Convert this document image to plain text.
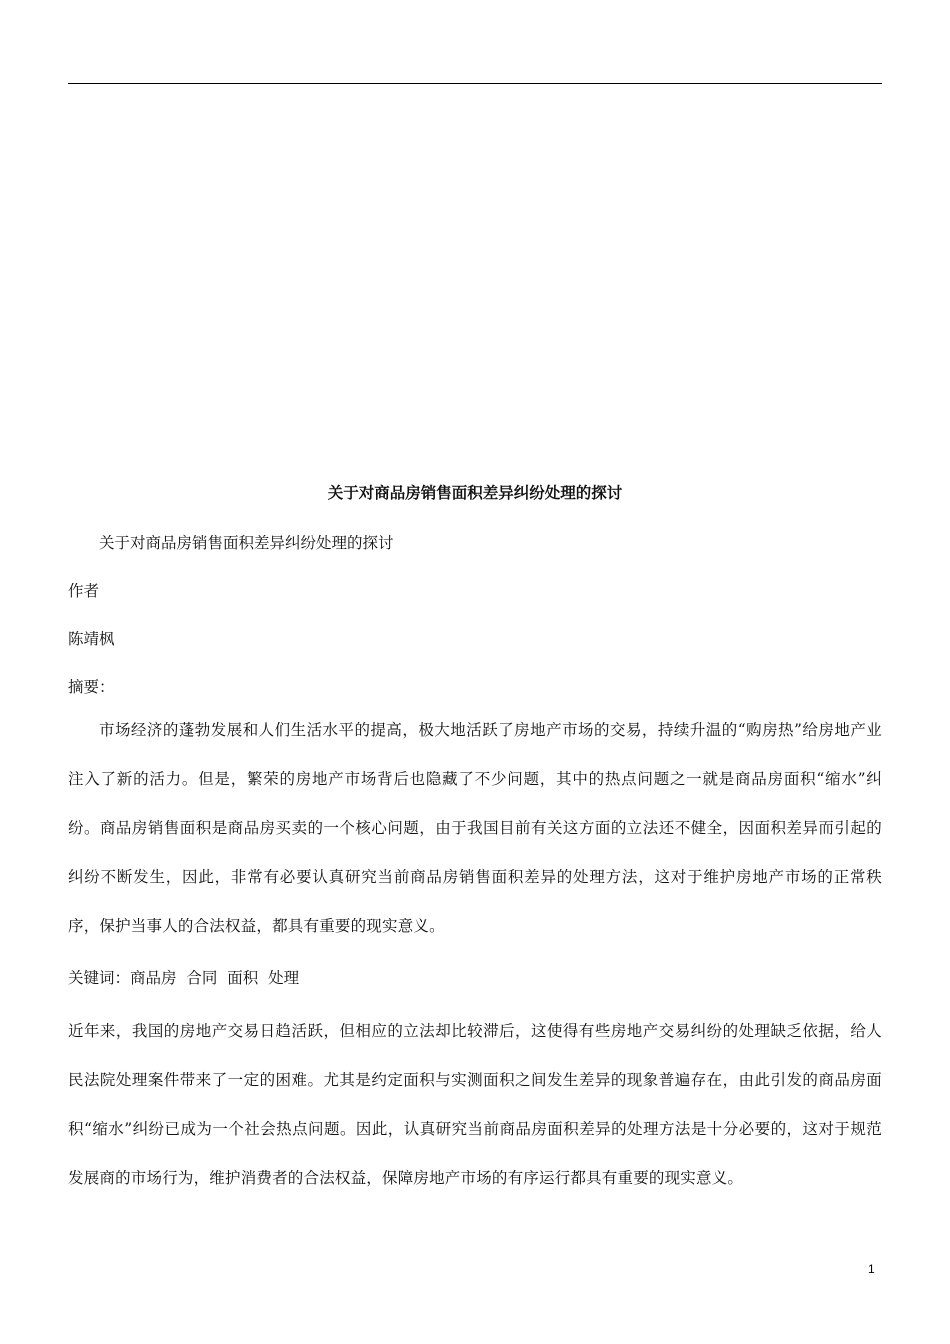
关于对商品房销售面积差异纠纷处理的探讨
关于对商品房销售面积差异纠纷处理的探讨
作者
陈靖枫
摘要：

市场经济的蓬勃发展和人们生活水平的提高，极大地活跃了房地产市场的交易，持续升温的“购房热”给房地产业注入了新的活力。但是，繁荣的房地产市场背后也隐藏了不少问题，其中的热点问题之一就是商品房面积“缩水”纠纷。商品房销售面积是商品房买卖的一个核心问题，由于我国目前有关这方面的立法还不健全，因面积差异而引起的纠纷不断发生，因此，非常有必要认真研究当前商品房销售面积差异的处理方法，这对于维护房地产市场的正常秩序，保护当事人的合法权益，都具有重要的现实意义。

关键词：商品房  合同  面积  处理

近年来，我国的房地产交易日趋活跃，但相应的立法却比较滞后，这使得有些房地产交易纠纷的处理缺乏依据，给人民法院处理案件带来了一定的困难。尤其是约定面积与实测面积之间发生差异的现象普遍存在，由此引发的商品房面积“缩水”纠纷已成为一个社会热点问题。因此，认真研究当前商品房面积差异的处理方法是十分必要的，这对于规范发展商的市场行为，维护消费者的合法权益，保障房地产市场的有序运行都具有重要的现实意义。

1
